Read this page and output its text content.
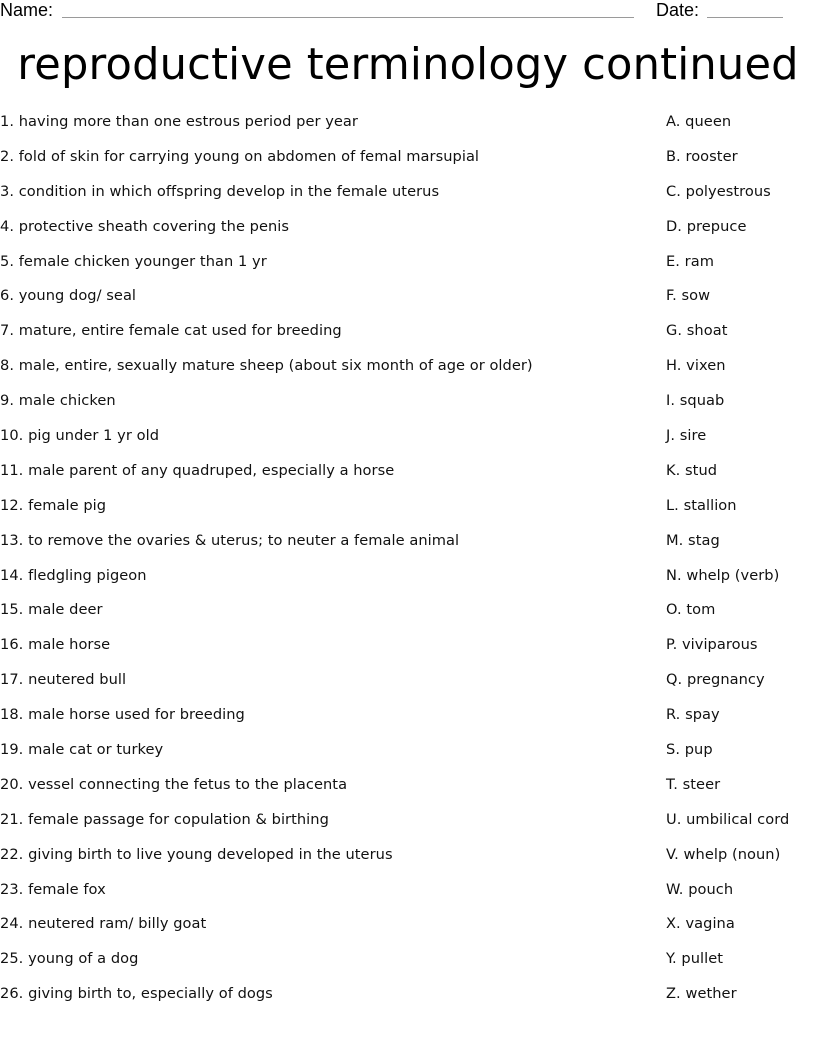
Name:	Date:
reproductive terminology continued
1. having more than one estrous period per year
2. fold of skin for carrying young on abdomen of femal marsupial
3. condition in which offspring develop in the female uterus
4. protective sheath covering the penis
5. female chicken younger than 1 yr
6. young dog/ seal
7. mature, entire female cat used for breeding
8. male, entire, sexually mature sheep (about six month of age or older)
9. male chicken
10. pig under 1 yr old
11. male parent of any quadruped, especially a horse
12. female pig
13. to remove the ovaries & uterus; to neuter a female animal
14. fledgling pigeon
15. male deer
16. male horse
17. neutered bull
18. male horse used for breeding
19. male cat or turkey
20. vessel connecting the fetus to the placenta
21. female passage for copulation & birthing
22. giving birth to live young developed in the uterus
23. female fox
24. neutered ram/ billy goat
25. young of a dog
26. giving birth to, especially of dogs
A. queen
B. rooster
C. polyestrous
D. prepuce
E. ram
F. sow
G. shoat
H. vixen
I. squab
J. sire
K. stud
L. stallion
M. stag
N. whelp (verb)
O. tom
P. viviparous
Q. pregnancy
R. spay
S. pup
T. steer
U. umbilical cord
V. whelp (noun)
W. pouch
X. vagina
Y. pullet
Z. wether
